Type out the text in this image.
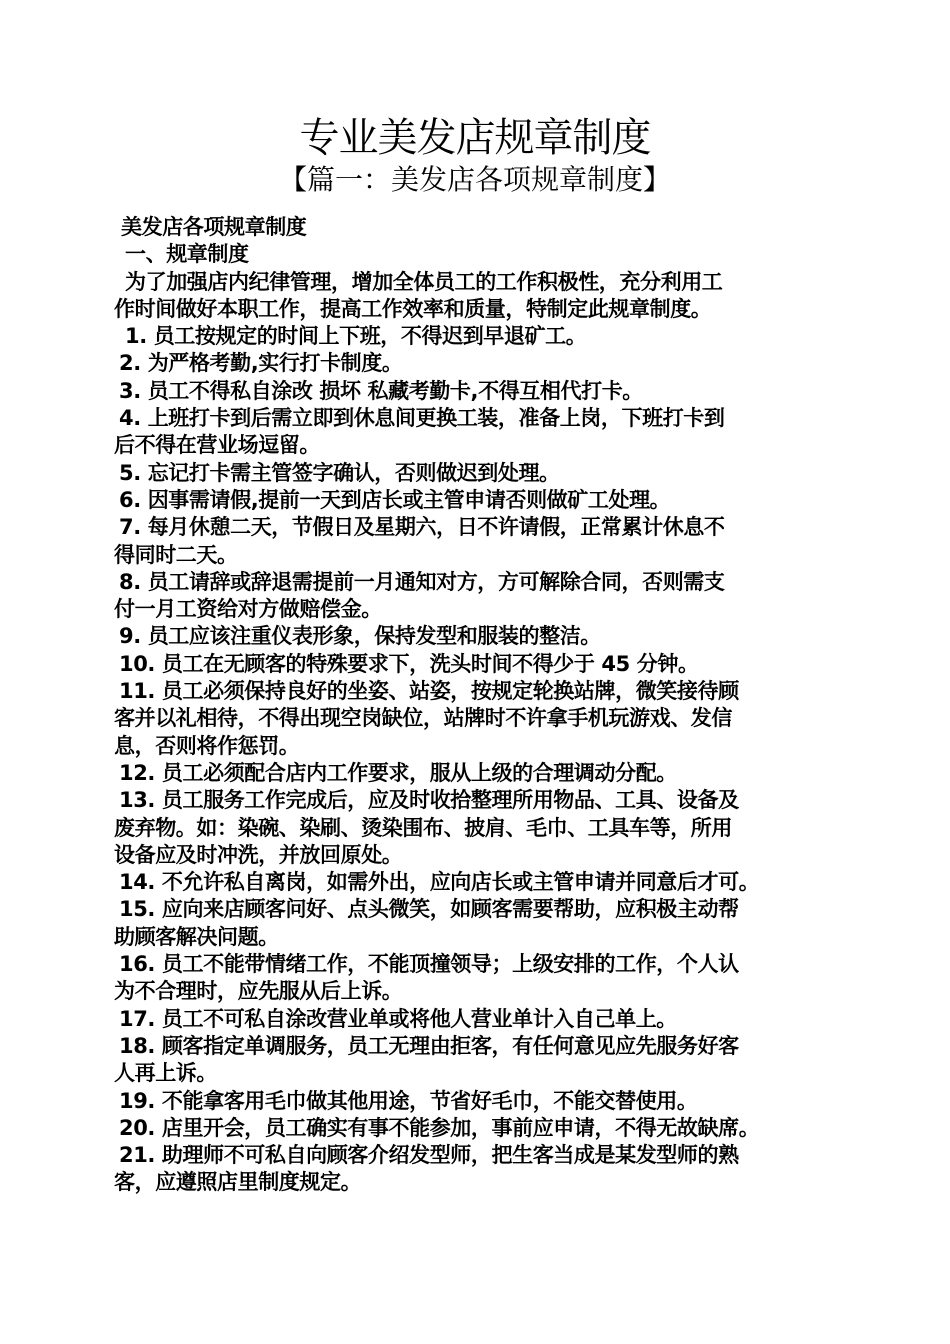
专业美发店规章制度
【篇一：美发店各项规章制度】

美发店各项规章制度

一、规章制度

为了加强店内纪律管理，增加全体员工的工作积极性，充分利用工

作时间做好本职工作，提高工作效率和质量，特制定此规章制度。

1. 员工按规定的时间上下班，不得迟到早退矿工。

2. 为严格考勤,实行打卡制度。

3. 员工不得私自涂改 损坏 私藏考勤卡,不得互相代打卡。

4. 上班打卡到后需立即到休息间更换工装，准备上岗，下班打卡到

后不得在营业场逗留。

5. 忘记打卡需主管签字确认，否则做迟到处理。

6. 因事需请假,提前一天到店长或主管申请否则做矿工处理。

7. 每月休憩二天，节假日及星期六，日不许请假，正常累计休息不

得同时二天。

8. 员工请辞或辞退需提前一月通知对方，方可解除合同，否则需支

付一月工资给对方做赔偿金。

9. 员工应该注重仪表形象，保持发型和服装的整洁。

10. 员工在无顾客的特殊要求下，洗头时间不得少于 45 分钟。

11. 员工必须保持良好的坐姿、站姿，按规定轮换站牌，微笑接待顾

客并以礼相待，不得出现空岗缺位，站牌时不许拿手机玩游戏、发信

息，否则将作惩罚。

12. 员工必须配合店内工作要求，服从上级的合理调动分配。

13. 员工服务工作完成后，应及时收拾整理所用物品、工具、设备及

废弃物。如：染碗、染刷、烫染围布、披肩、毛巾、工具车等，所用

设备应及时冲洗，并放回原处。

14. 不允许私自离岗，如需外出，应向店长或主管申请并同意后才可。

15. 应向来店顾客问好、点头微笑，如顾客需要帮助，应积极主动帮

助顾客解决问题。

16. 员工不能带情绪工作，不能顶撞领导；上级安排的工作，个人认

为不合理时，应先服从后上诉。

17. 员工不可私自涂改营业单或将他人营业单计入自己单上。

18. 顾客指定单调服务，员工无理由拒客，有任何意见应先服务好客

人再上诉。

19. 不能拿客用毛巾做其他用途，节省好毛巾，不能交替使用。

20. 店里开会，员工确实有事不能参加，事前应申请，不得无故缺席。

21. 助理师不可私自向顾客介绍发型师，把生客当成是某发型师的熟

客，应遵照店里制度规定。
